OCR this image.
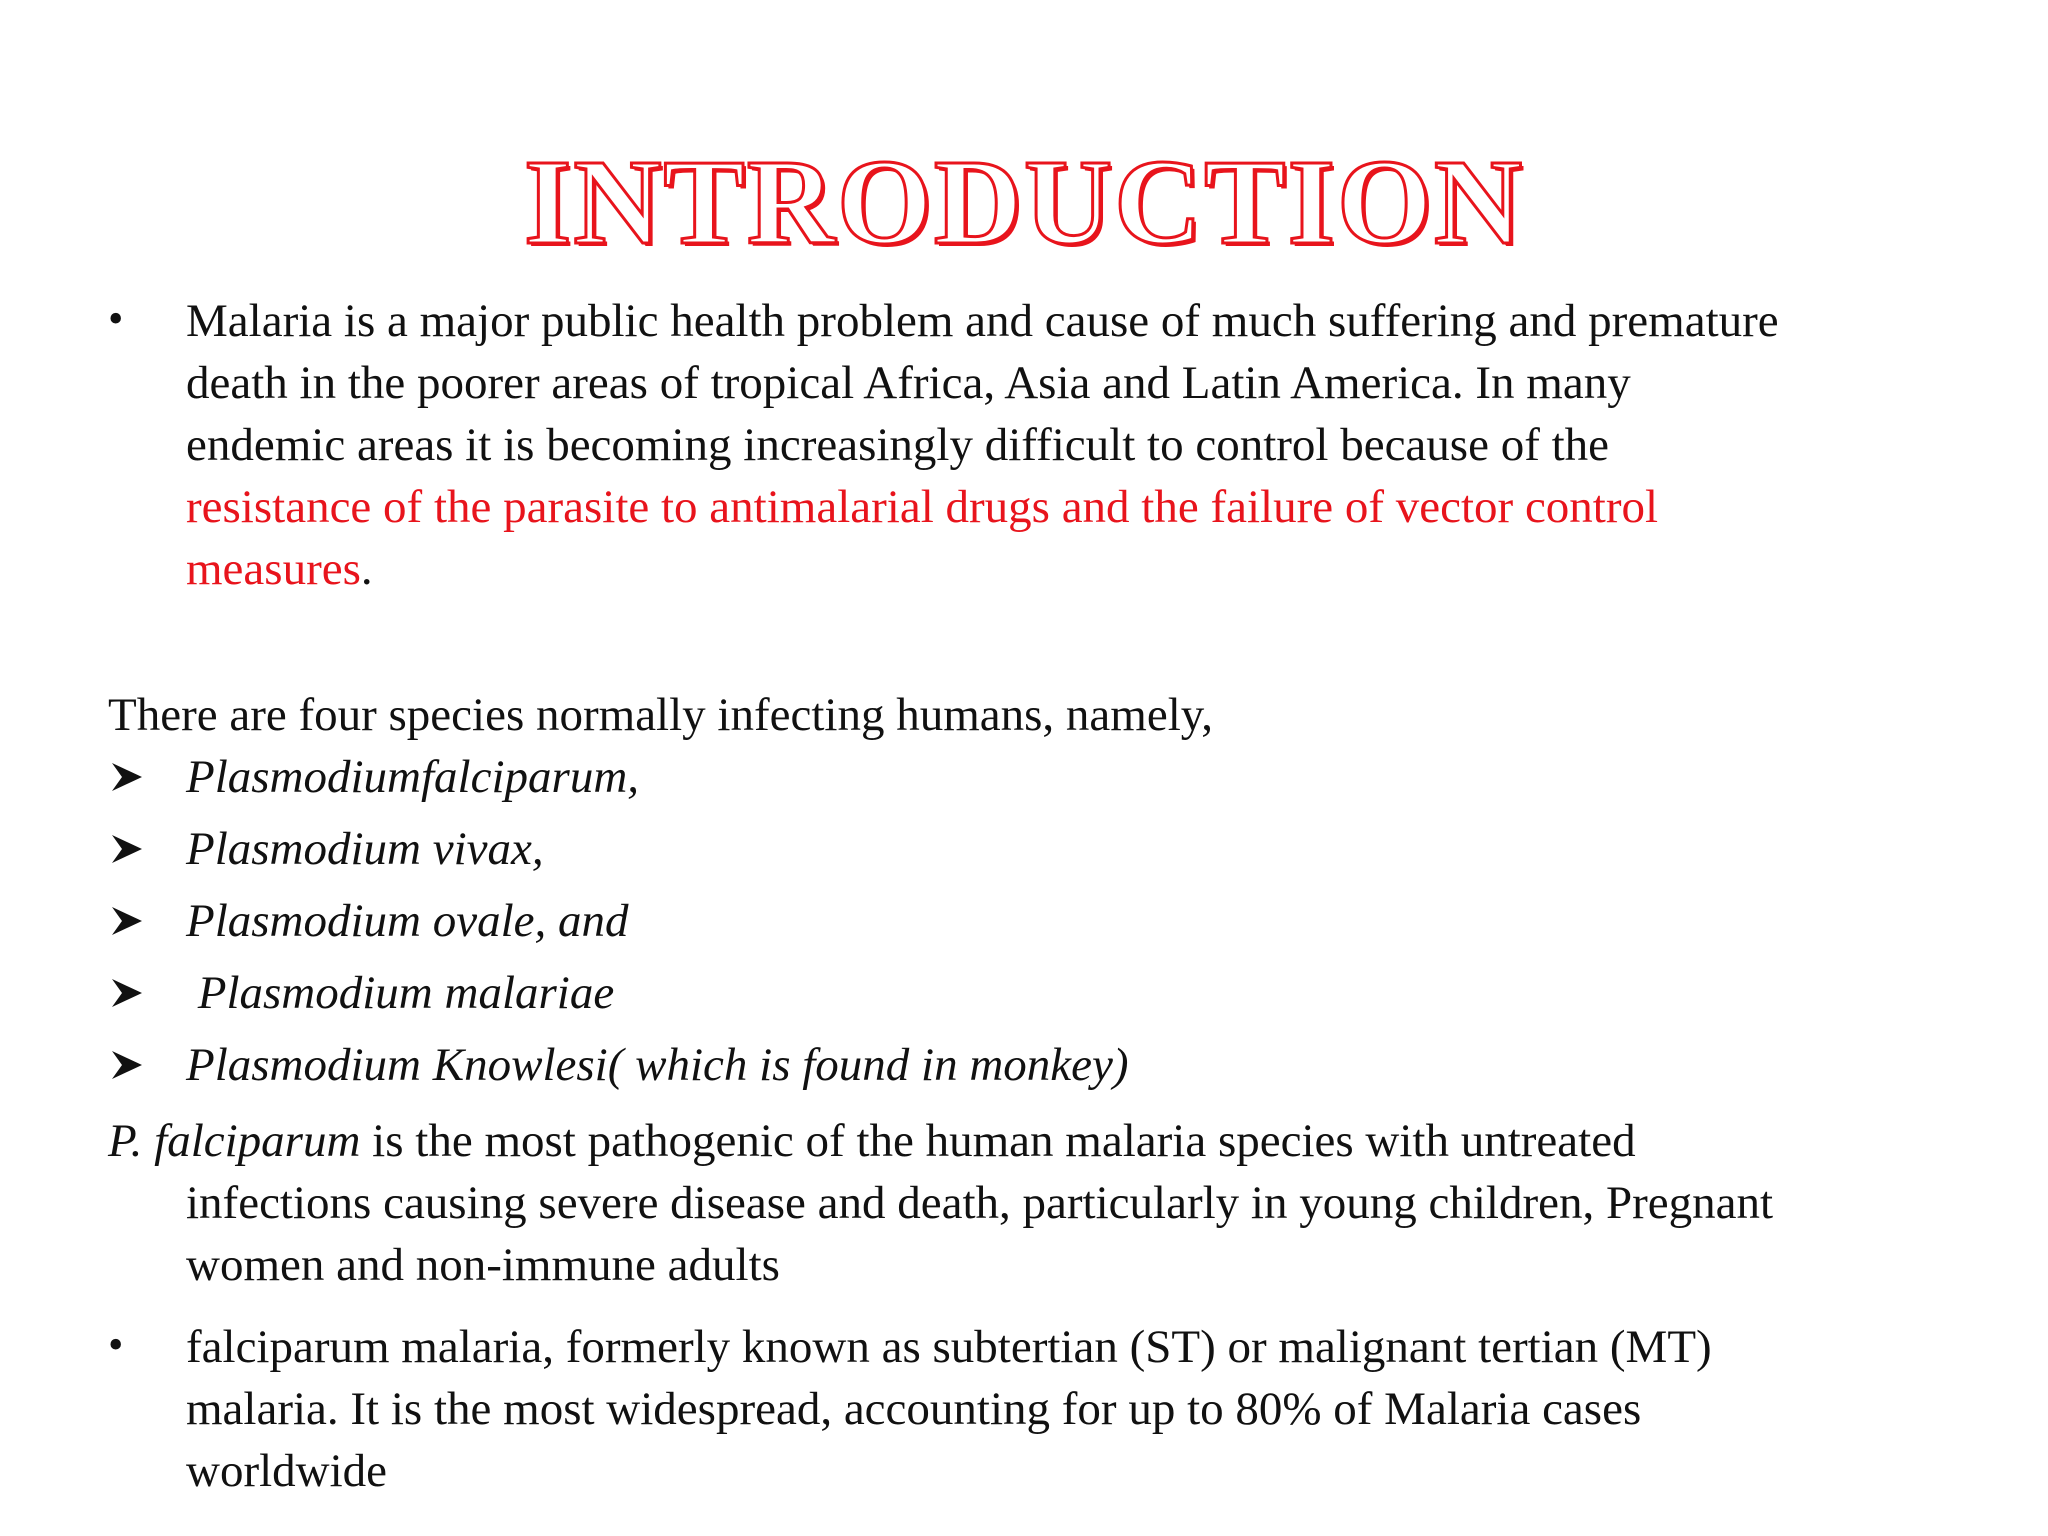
INTRODUCTION
• Malaria is a major public health problem and cause of much suffering and premature
death in the poorer areas of tropical Africa, Asia and Latin America. In many
endemic areas it is becoming increasingly difficult to control because of the
resistance of the parasite to antimalarial drugs and the failure of vector control
measures.
There are four species normally infecting humans, namely,
Plasmodiumfalciparum,
Plasmodium vivax,
Plasmodium ovale, and
Plasmodium malariae
Plasmodium Knowlesi( which is found in monkey)
P. falciparum is the most pathogenic of the human malaria species with untreated
infections causing severe disease and death, particularly in young children, Pregnant
women and non-immune adults
• falciparum malaria, formerly known as subtertian (ST) or malignant tertian (MT)
malaria. It is the most widespread, accounting for up to 80% of Malaria cases
worldwide
